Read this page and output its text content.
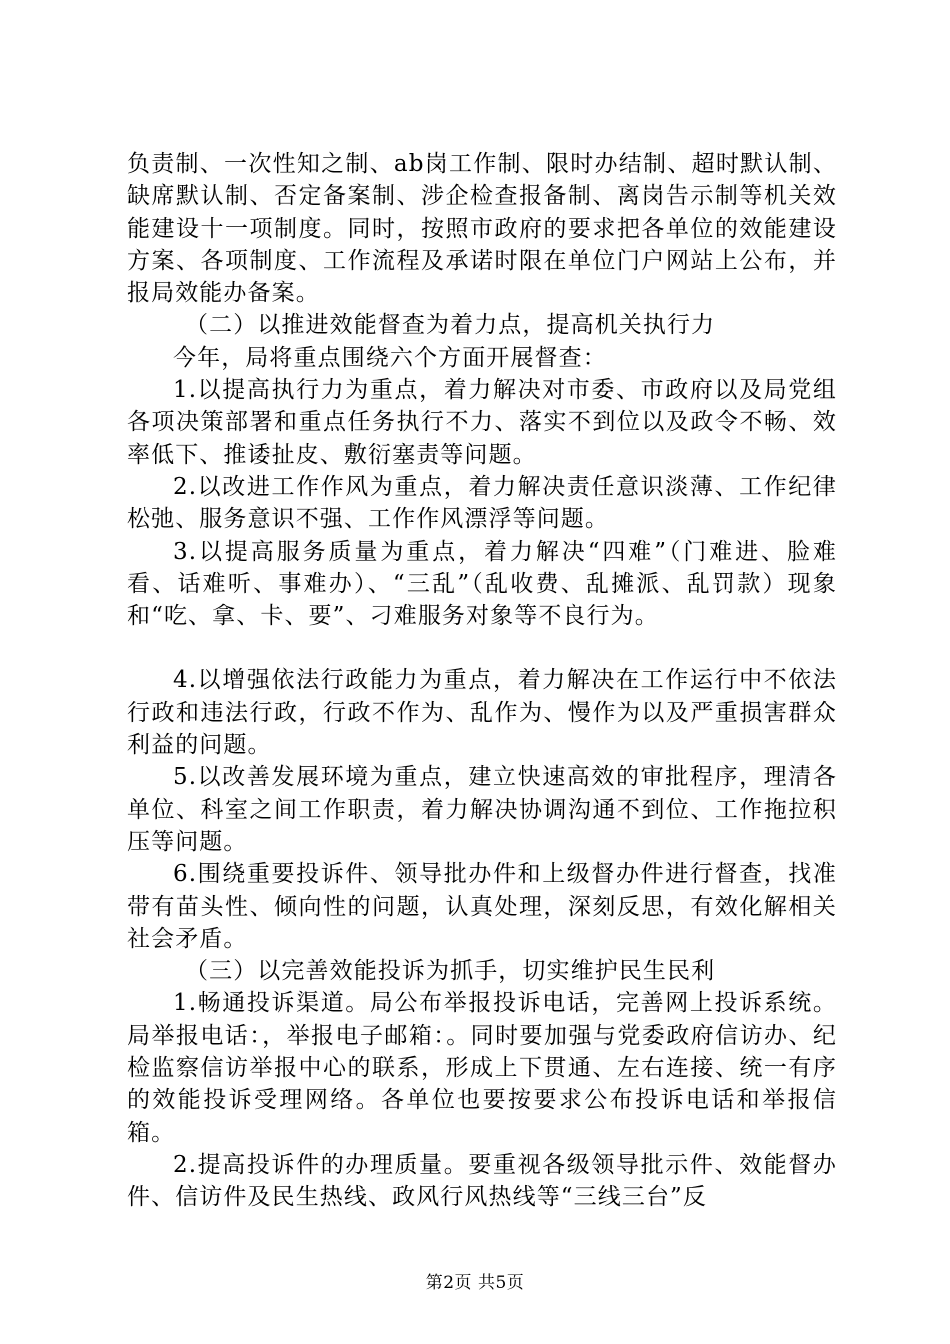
负责制、一次性知之制、ab岗工作制、限时办结制、超时默认制、缺席默认制、否定备案制、涉企检查报备制、离岗告示制等机关效能建设十一项制度。同时，按照市政府的要求把各单位的效能建设方案、各项制度、工作流程及承诺时限在单位门户网站上公布，并报局效能办备案。

（二）以推进效能督查为着力点，提高机关执行力

今年，局将重点围绕六个方面开展督查：

1.以提高执行力为重点，着力解决对市委、市政府以及局党组各项决策部署和重点任务执行不力、落实不到位以及政令不畅、效率低下、推诿扯皮、敷衍塞责等问题。

2.以改进工作作风为重点，着力解决责任意识淡薄、工作纪律松弛、服务意识不强、工作作风漂浮等问题。

3.以提高服务质量为重点，着力解决“四难”（门难进、脸难看、话难听、事难办）、“三乱”（乱收费、乱摊派、乱罚款）现象和“吃、拿、卡、要”、刁难服务对象等不良行为。

4.以增强依法行政能力为重点，着力解决在工作运行中不依法行政和违法行政，行政不作为、乱作为、慢作为以及严重损害群众利益的问题。

5.以改善发展环境为重点，建立快速高效的审批程序，理清各单位、科室之间工作职责，着力解决协调沟通不到位、工作拖拉积压等问题。

6.围绕重要投诉件、领导批办件和上级督办件进行督查，找准带有苗头性、倾向性的问题，认真处理，深刻反思，有效化解相关社会矛盾。

（三）以完善效能投诉为抓手，切实维护民生民利

1.畅通投诉渠道。局公布举报投诉电话，完善网上投诉系统。局举报电话：，举报电子邮箱：。同时要加强与党委政府信访办、纪检监察信访举报中心的联系，形成上下贯通、左右连接、统一有序的效能投诉受理网络。各单位也要按要求公布投诉电话和举报信箱。

2.提高投诉件的办理质量。要重视各级领导批示件、效能督办件、信访件及民生热线、政风行风热线等“三线三台”反

第2页 共5页
